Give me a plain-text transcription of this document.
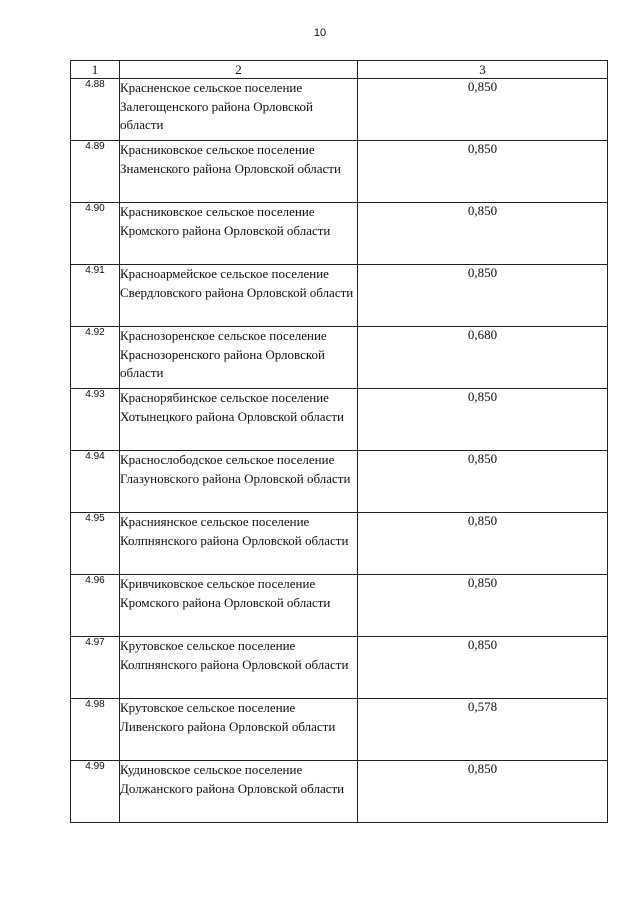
10
1	2	3
4.88	Красненское сельское поселение Залегощенского района Орловской области	0,850
4.89	Красниковское сельское поселение Знаменского района Орловской области	0,850
4.90	Красниковское сельское поселение Кромского района Орловской области	0,850
4.91	Красноармейское сельское поселение Свердловского района Орловской области	0,850
4.92	Краснозоренское сельское поселение Краснозоренского района Орловской области	0,680
4.93	Краснорябинское сельское поселение Хотынецкого района Орловской области	0,850
4.94	Краснослободское сельское поселение Глазуновского района Орловской области	0,850
4.95	Красниянское сельское поселение Колпнянского района Орловской области	0,850
4.96	Кривчиковское сельское поселение Кромского района Орловской области	0,850
4.97	Крутовское сельское поселение Колпнянского района Орловской области	0,850
4.98	Крутовское сельское поселение Ливенского района Орловской области	0,578
4.99	Кудиновское сельское поселение Должанского района Орловской области	0,850
